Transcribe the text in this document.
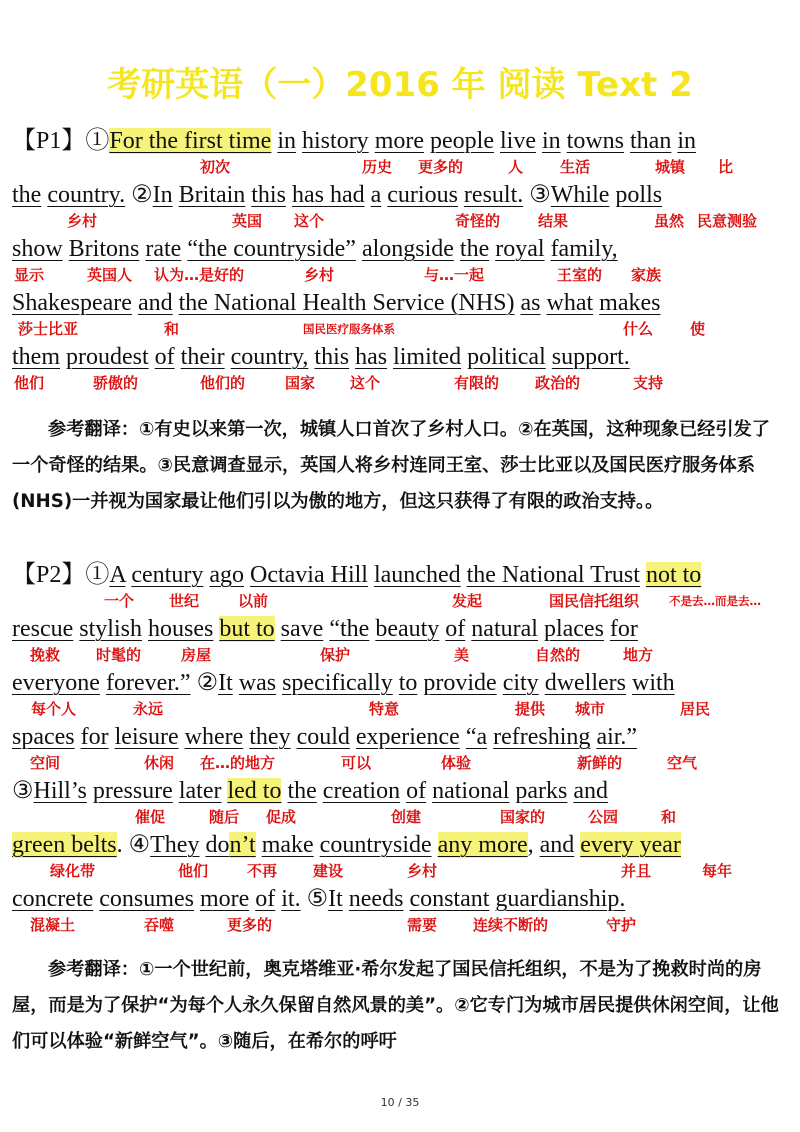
考研英语（一）2016 年 阅读 Text 2
【P1】①For the first time in history more people live in towns than in
the country. ②In Britain this has had a curious result. ③While polls
show Britons rate “the countryside” alongside the royal family,
Shakespeare and the National Health Service (NHS) as what makes
them proudest of their country, this has limited political support.
初次	历史 更多的	人 生活	城镇 比
乡村	英国 这个	奇怪的	结果	虽然 民意测验
显示	英国人 认为…是好的	乡村	与…一起	王室的 家族
莎士比亚	和	国民医疗服务体系	什么 使
他们	骄傲的	他们的	国家 这个	有限的 政治的	支持
参考翻译：①有史以来第一次，城镇人口首次了乡村人口。②在英国，这种现象已经引发了一个奇怪的结果。③民意调查显示，英国人将乡村连同王室、莎士比亚以及国民医疗服务体系(NHS)一并视为国家最让他们引以为傲的地方，但这只获得了有限的政治支持。。
【P2】①A century ago Octavia Hill launched the National Trust not to
rescue stylish houses but to save “the beauty of natural places for
everyone forever.” ②It was specifically to provide city dwellers with
spaces for leisure where they could experience “a refreshing air.”
③Hill’s pressure later led to the creation of national parks and
green belts. ④They don’t make countryside any more, and every year
concrete consumes more of it. ⑤It needs constant guardianship.
一个 世纪	以前	发起	国民信托组织	不是去…而是去…
挽救 时髦的	房屋	保护	美	自然的	地方
每个人	永远	特意	提供 城市	居民
空间	休闲 在…的地方	可以	体验	新鲜的	空气
催促	随后 促成	创建	国家的	公园	和
绿化带	他们	不再 建设	乡村	并且	每年
混凝土	吞噬	更多的	需要 连续不断的	守护
参考翻译：①一个世纪前，奥克塔维亚·希尔发起了国民信托组织，不是为了挽救时尚的房屋，而是为了保护“为每个人永久保留自然风景的美”。②它专门为城市居民提供休闲空间，让他们可以体验“新鲜空气”。③随后，在希尔的呼吁
10 / 35
